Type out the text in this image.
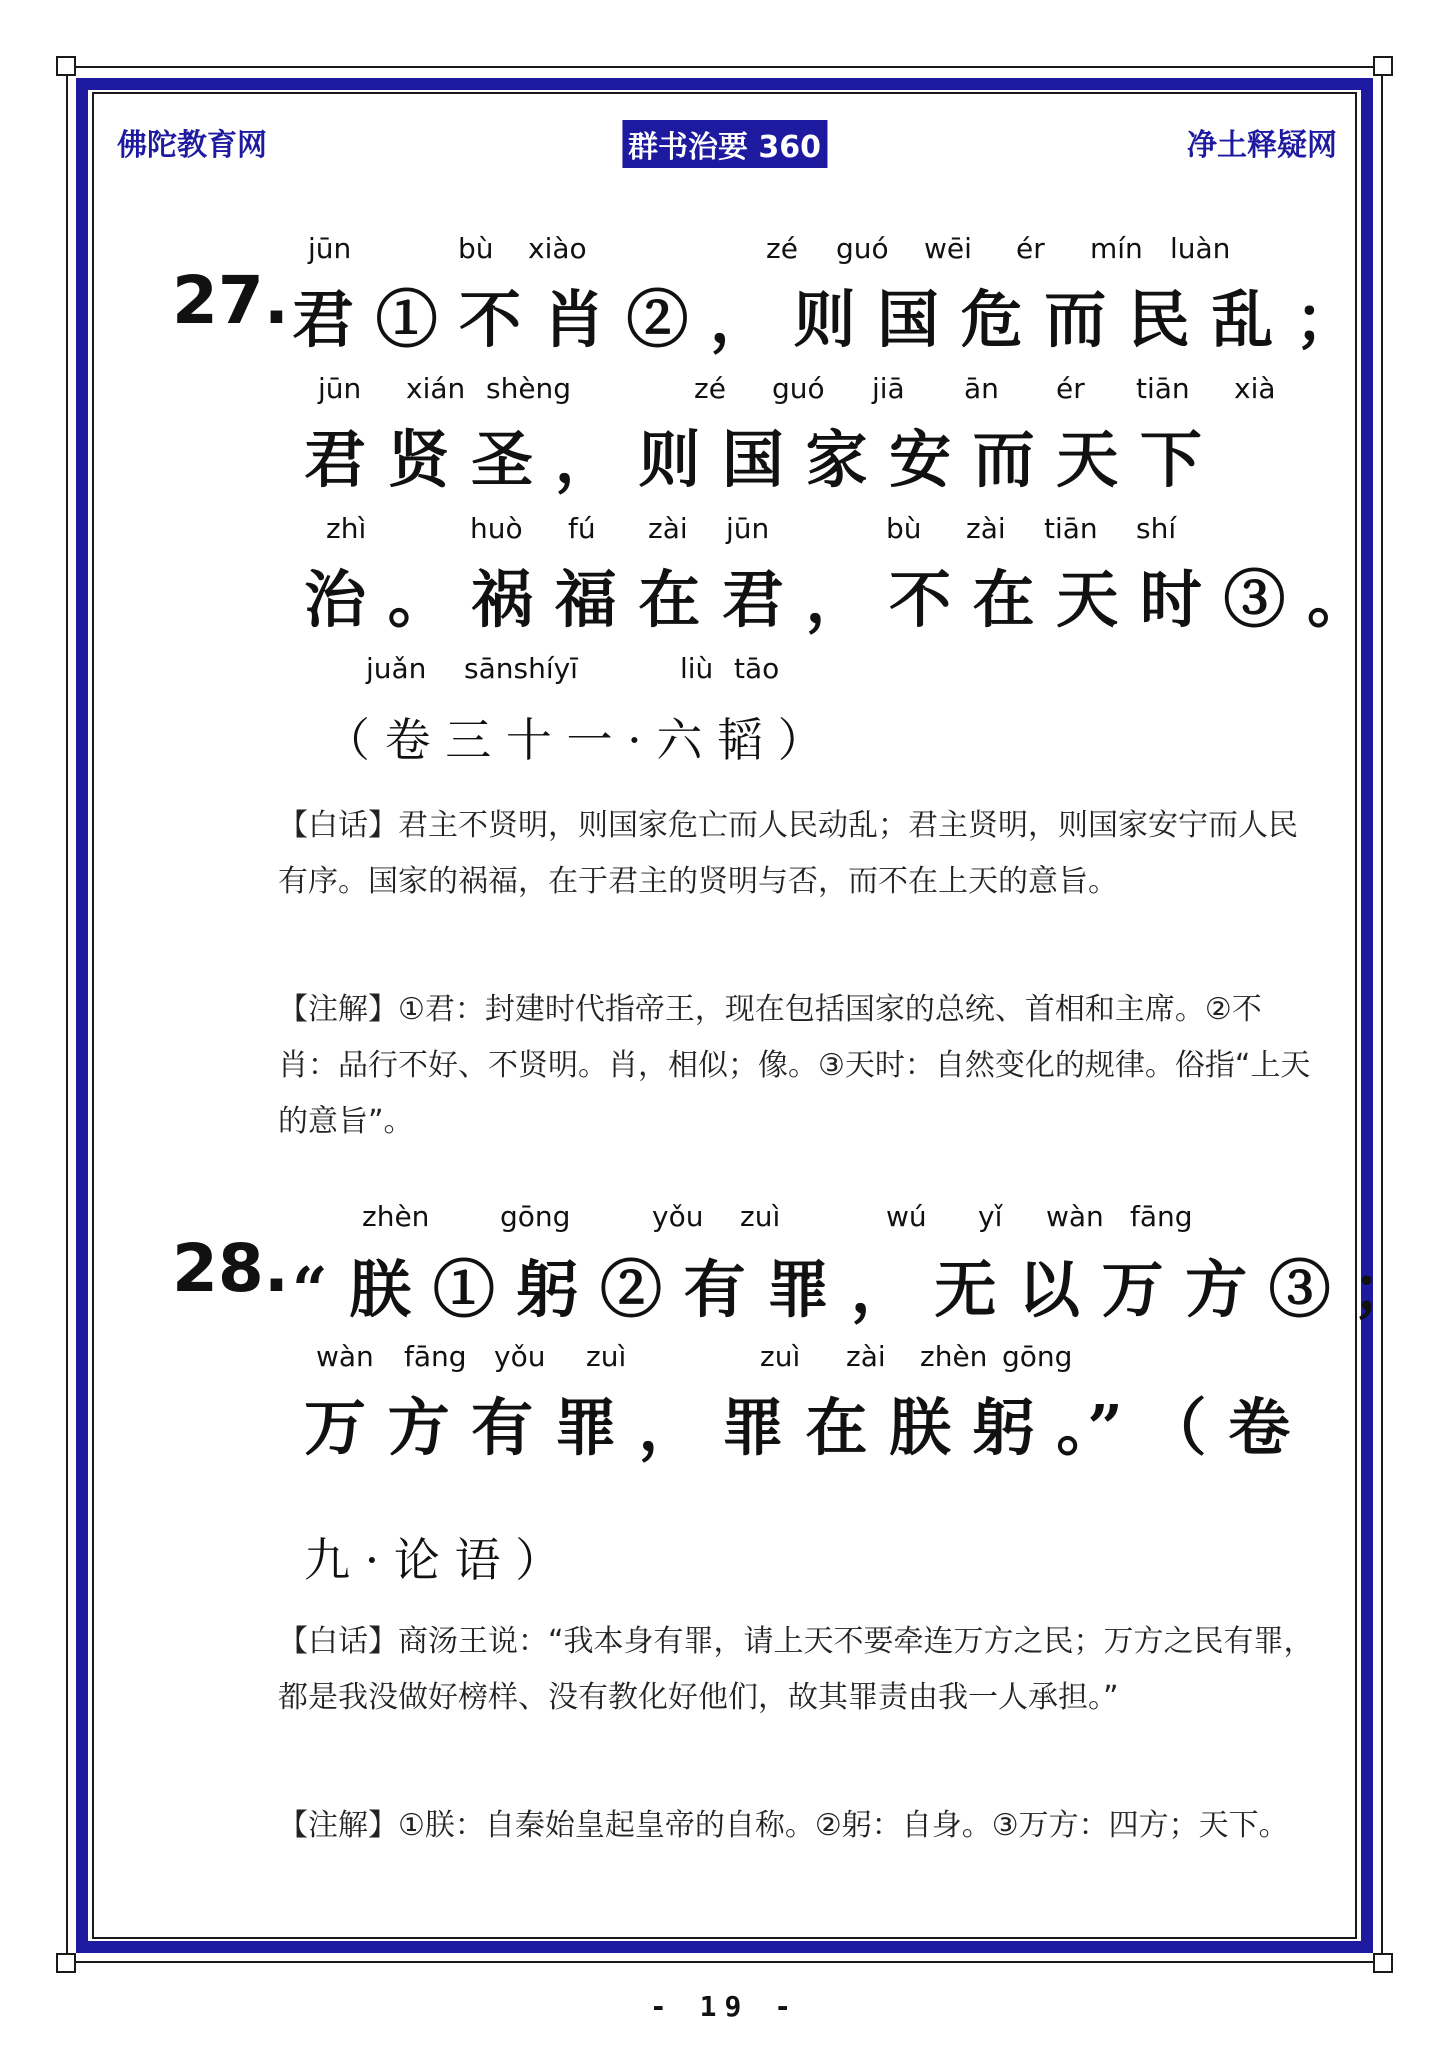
佛陀教育网	群书治要 360	净土释疑网
27.
jūn	bù xiào	zé guó wēi ér mín luàn
君 ① 不 肖 ② ， 则 国 危 而 民 乱 ；
jūn xián shèng	zé guó jiā ān ér tiān xià
君 贤 圣 ， 则 国 家 安 而 天 下
zhì	huò fú zài jūn	bù zài tiān shí
治 。 祸 福 在 君 ， 不 在 天 时 ③ 。
juǎn sānshíyī	liù tāo
（ 卷 三 十 一 · 六 韬 ）
【白话】君主不贤明，则国家危亡而人民动乱；君主贤明，则国家安宁而人民有序。国家的祸福，在于君主的贤明与否，而不在上天的意旨。
【注解】①君：封建时代指帝王，现在包括国家的总统、首相和主席。②不肖：品行不好、不贤明。肖，相似；像。③天时：自然变化的规律。俗指“上天的意旨”。
28.
zhèn	gōng	yǒu zuì	wú yǐ wàn fāng
“ 朕 ① 躬 ② 有 罪 ， 无 以 万 方 ③ ；
wàn fāng yǒu zuì	zuì zài zhèn gōng
万 方 有 罪 ， 罪 在 朕 躬 。” （ 卷
九 · 论 语 ）
【白话】商汤王说：“我本身有罪，请上天不要牵连万方之民；万方之民有罪，都是我没做好榜样、没有教化好他们，故其罪责由我一人承担。”
【注解】①朕：自秦始皇起皇帝的自称。②躬：自身。③万方：四方；天下。
- 19 -
